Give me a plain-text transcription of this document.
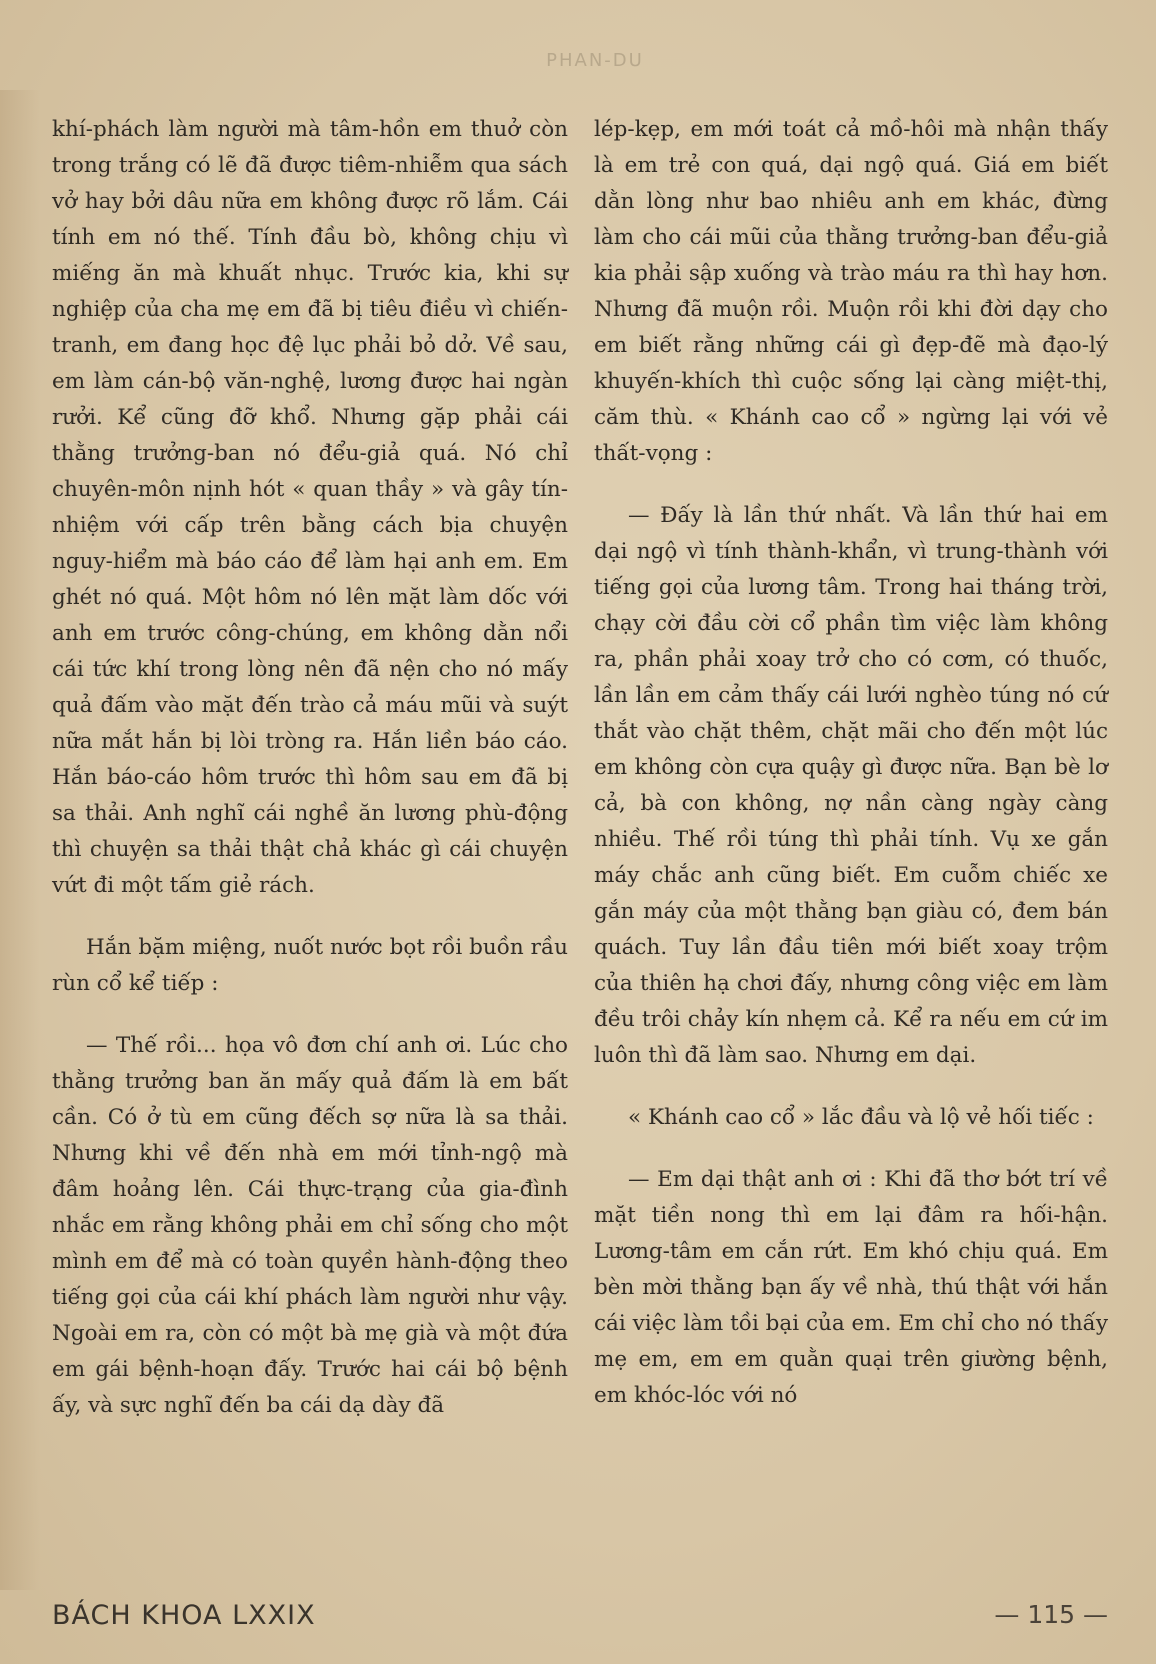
PHAN-DU

khí-phách làm người mà tâm-hồn em thuở còn trong trắng có lẽ đã được tiêm-nhiễm qua sách vở hay bởi dâu nữa em không được rõ lắm. Cái tính em nó thế. Tính đầu bò, không chịu vì miếng ăn mà khuất nhục. Trước kia, khi sự nghiệp của cha mẹ em đã bị tiêu điều vì chiến-tranh, em đang học đệ lục phải bỏ dở. Về sau, em làm cán-bộ văn-nghệ, lương được hai ngàn rưởi. Kể cũng đỡ khổ. Nhưng gặp phải cái thằng trưởng-ban nó đểu-giả quá. Nó chỉ chuyên-môn nịnh hót « quan thầy » và gây tín-nhiệm với cấp trên bằng cách bịa chuyện nguy-hiểm mà báo cáo để làm hại anh em. Em ghét nó quá. Một hôm nó lên mặt làm dốc với anh em trước công-chúng, em không dằn nổi cái tức khí trong lòng nên đã nện cho nó mấy quả đấm vào mặt đến trào cả máu mũi và suýt nữa mắt hắn bị lòi tròng ra. Hắn liền báo cáo. Hắn báo-cáo hôm trước thì hôm sau em đã bị sa thải. Anh nghĩ cái nghề ăn lương phù-động thì chuyện sa thải thật chả khác gì cái chuyện vứt đi một tấm giẻ rách.

Hắn bặm miệng, nuốt nước bọt rồi buồn rầu rùn cổ kể tiếp :

— Thế rồi... họa vô đơn chí anh ơi. Lúc cho thằng trưởng ban ăn mấy quả đấm là em bất cần. Có ở tù em cũng đếch sợ nữa là sa thải. Nhưng khi về đến nhà em mới tỉnh-ngộ mà đâm hoảng lên. Cái thực-trạng của gia-đình nhắc em rằng không phải em chỉ sống cho một mình em để mà có toàn quyền hành-động theo tiếng gọi của cái khí phách làm người như vậy. Ngoài em ra, còn có một bà mẹ già và một đứa em gái bệnh-hoạn đấy. Trước hai cái bộ bệnh ấy, và sực nghĩ đến ba cái dạ dày đã

lép-kẹp, em mới toát cả mồ-hôi mà nhận thấy là em trẻ con quá, dại ngộ quá. Giá em biết dằn lòng như bao nhiêu anh em khác, đừng làm cho cái mũi của thằng trưởng-ban đểu-giả kia phải sập xuống và trào máu ra thì hay hơn. Nhưng đã muộn rồi. Muộn rồi khi đời dạy cho em biết rằng những cái gì đẹp-đẽ mà đạo-lý khuyến-khích thì cuộc sống lại càng miệt-thị, căm thù. « Khánh cao cổ » ngừng lại với vẻ thất-vọng :

— Đấy là lần thứ nhất. Và lần thứ hai em dại ngộ vì tính thành-khẩn, vì trung-thành với tiếng gọi của lương tâm. Trong hai tháng trời, chạy cời đầu cời cổ phần tìm việc làm không ra, phần phải xoay trở cho có cơm, có thuốc, lần lần em cảm thấy cái lưới nghèo túng nó cứ thắt vào chặt thêm, chặt mãi cho đến một lúc em không còn cựa quậy gì được nữa. Bạn bè lơ cả, bà con không, nợ nần càng ngày càng nhiều. Thế rồi túng thì phải tính. Vụ xe gắn máy chắc anh cũng biết. Em cuỗm chiếc xe gắn máy của một thằng bạn giàu có, đem bán quách. Tuy lần đầu tiên mới biết xoay trộm của thiên hạ chơi đấy, nhưng công việc em làm đều trôi chảy kín nhẹm cả. Kể ra nếu em cứ im luôn thì đã làm sao. Nhưng em dại.

« Khánh cao cổ » lắc đầu và lộ vẻ hối tiếc :

— Em dại thật anh ơi : Khi đã thơ bớt trí về mặt tiền nong thì em lại đâm ra hối-hận. Lương-tâm em cắn rứt. Em khó chịu quá. Em bèn mời thằng bạn ấy về nhà, thú thật với hắn cái việc làm tồi bại của em. Em chỉ cho nó thấy mẹ em, em em quằn quại trên giường bệnh, em khóc-lóc với nó

BÁCH KHOA LXXIX	— 115 —
